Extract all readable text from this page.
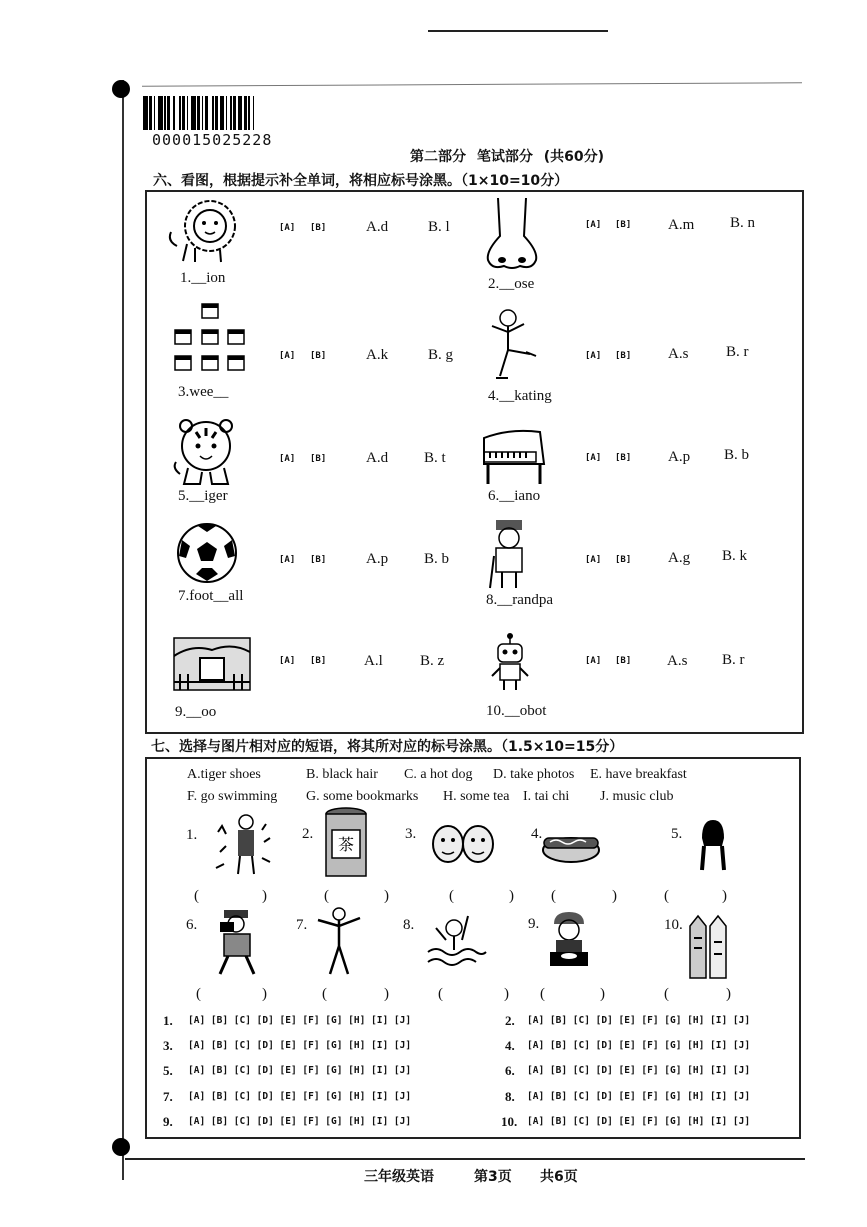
000015025228
第二部分 笔试部分 (共60分)
六、看图，根据提示补全单词，将相应标号涂黑。（1×10=10分）
1.__ion
[A] [B]	A.d	B. l
2.__ose
[A] [B] A.m B. n
3.wee__
[A] [B]	A.k	B. g
4.__kating
[A] [B] A.s	B. r
5.__iger
[A] [B]	A.d B. t
6.__iano
[A] [B] A.p B. b
7.foot__all
[A] [B]	A.p B. b
8.__randpa
[A] [B] A.g B. k
9.__oo
[A] [B]	A.l B. z
10.__obot
[A] [B] A.s B. r
七、选择与图片相对应的短语，将其所对应的标号涂黑。（1.5×10=15分）
A.tiger shoes	B. black hair C. a hot dog D. take photos E. have breakfast
F. go swimming G. some bookmarks H. some tea I. tai chi J. music club
1.	2.
茶
3.	4.	5.
(	)	(	)	(	) (	)	(	)
6.	7.	8.	9.	10.
(	)	(	)	(	) (	)	(	)
1. [A] [B] [C] [D] [E] [F] [G] [H] [I] [J]	2. [A] [B] [C] [D] [E] [F] [G] [H] [I] [J]
3. [A] [B] [C] [D] [E] [F] [G] [H] [I] [J]	4. [A] [B] [C] [D] [E] [F] [G] [H] [I] [J]
5. [A] [B] [C] [D] [E] [F] [G] [H] [I] [J]	6. [A] [B] [C] [D] [E] [F] [G] [H] [I] [J]
7. [A] [B] [C] [D] [E] [F] [G] [H] [I] [J]	8. [A] [B] [C] [D] [E] [F] [G] [H] [I] [J]
9. [A] [B] [C] [D] [E] [F] [G] [H] [I] [J]	10. [A] [B] [C] [D] [E] [F] [G] [H] [I] [J]
三年级英语	第3页 共6页
